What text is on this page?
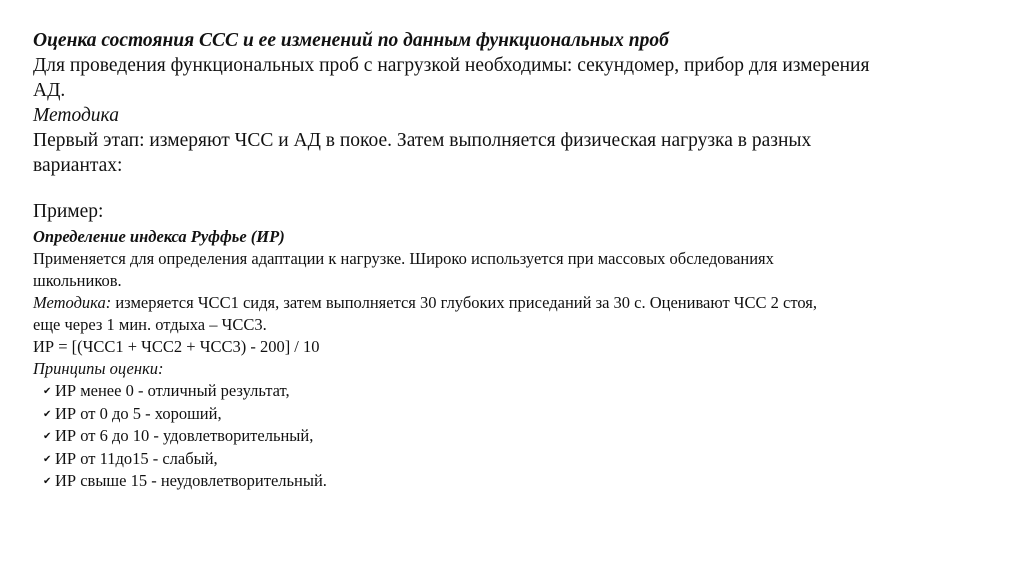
Оценка состояния ССС и ее изменений по данным функциональных проб
Для проведения функциональных проб с нагрузкой необходимы: секундомер, прибор для измерения
АД.
Методика
Первый этап: измеряют ЧСС и АД в покое. Затем выполняется физическая нагрузка в разных
вариантах:
Пример:
Определение индекса Руффье (ИР)
Применяется для определения адаптации к нагрузке. Широко используется при массовых обследованиях
школьников.
Методика: измеряется ЧСС1 сидя, затем выполняется 30 глубоких приседаний за 30 с. Оценивают ЧСС 2 стоя,
еще через 1 мин. отдыха – ЧСС3.
ИР = [(ЧСС1 + ЧСС2 + ЧСС3) - 200] / 10
Принципы оценки:
✔ ИР менее 0 - отличный результат,
✔ ИР от 0 до 5 - хороший,
✔ ИР от 6 до 10 - удовлетворительный,
✔ ИР от 11до15 - слабый,
✔ ИР свыше 15 - неудовлетворительный.
